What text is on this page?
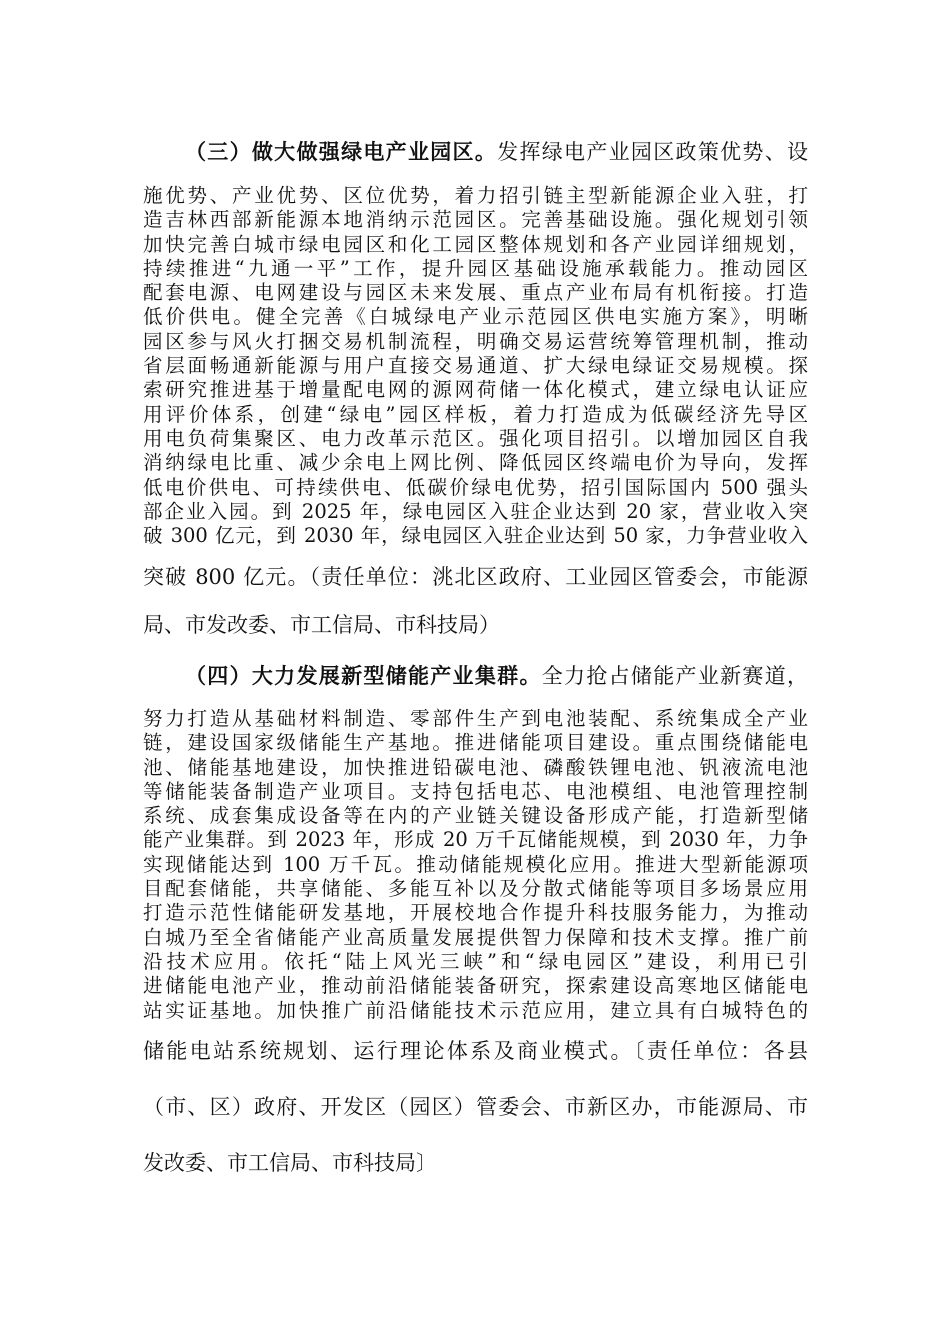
（三）做大做强绿电产业园区。发挥绿电产业园区政策优势、设
施优势、产业优势、区位优势，着力招引链主型新能源企业入驻，打
造吉林西部新能源本地消纳示范园区。完善基础设施。强化规划引领
加快完善白城市绿电园区和化工园区整体规划和各产业园详细规划，
持续推进“九通一平”工作，提升园区基础设施承载能力。推动园区
配套电源、电网建设与园区未来发展、重点产业布局有机衔接。打造
低价供电。健全完善《白城绿电产业示范园区供电实施方案》，明晰
园区参与风火打捆交易机制流程，明确交易运营统筹管理机制，推动
省层面畅通新能源与用户直接交易通道、扩大绿电绿证交易规模。探
索研究推进基于增量配电网的源网荷储一体化模式，建立绿电认证应
用评价体系，创建“绿电”园区样板，着力打造成为低碳经济先导区
用电负荷集聚区、电力改革示范区。强化项目招引。以增加园区自我
消纳绿电比重、减少余电上网比例、降低园区终端电价为导向，发挥
低电价供电、可持续供电、低碳价绿电优势，招引国际国内 500 强头
部企业入园。到 2025 年，绿电园区入驻企业达到 20 家，营业收入突
破 300 亿元，到 2030 年，绿电园区入驻企业达到 50 家，力争营业收入
突破 800 亿元。（责任单位：洮北区政府、工业园区管委会，市能源
局、市发改委、市工信局、市科技局）
（四）大力发展新型储能产业集群。全力抢占储能产业新赛道，
努力打造从基础材料制造、零部件生产到电池装配、系统集成全产业
链，建设国家级储能生产基地。推进储能项目建设。重点围绕储能电
池、储能基地建设，加快推进铅碳电池、磷酸铁锂电池、钒液流电池
等储能装备制造产业项目。支持包括电芯、电池模组、电池管理控制
系统、成套集成设备等在内的产业链关键设备形成产能，打造新型储
能产业集群。到 2023 年，形成 20 万千瓦储能规模，到 2030 年，力争
实现储能达到 100 万千瓦。推动储能规模化应用。推进大型新能源项
目配套储能，共享储能、多能互补以及分散式储能等项目多场景应用
打造示范性储能研发基地，开展校地合作提升科技服务能力，为推动
白城乃至全省储能产业高质量发展提供智力保障和技术支撑。推广前
沿技术应用。依托“陆上风光三峡”和“绿电园区”建设，利用已引
进储能电池产业，推动前沿储能装备研究，探索建设高寒地区储能电
站实证基地。加快推广前沿储能技术示范应用，建立具有白城特色的
储能电站系统规划、运行理论体系及商业模式。〔责任单位：各县
（市、区）政府、开发区（园区）管委会、市新区办，市能源局、市
发改委、市工信局、市科技局〕
